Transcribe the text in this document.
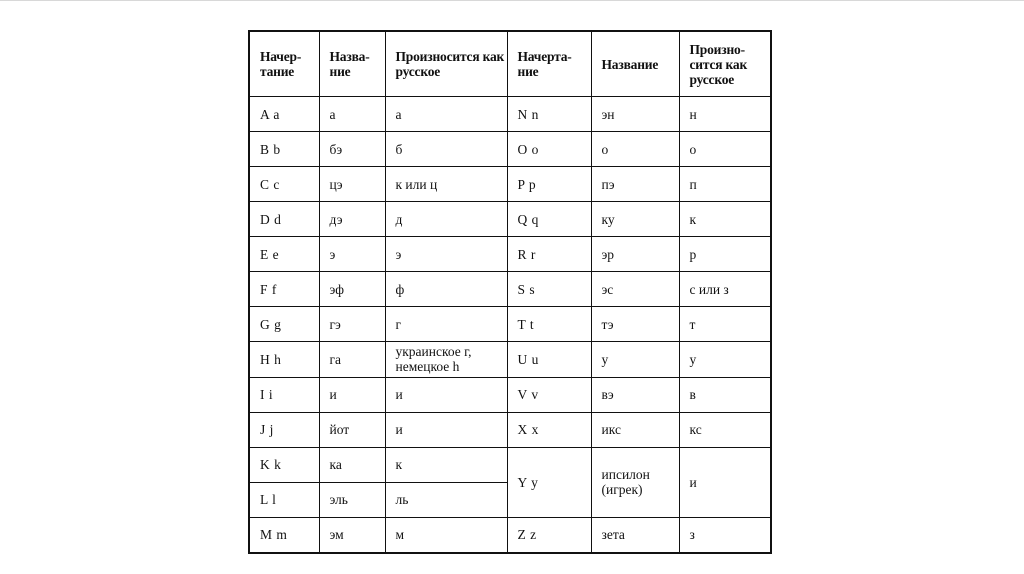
Начер-тание	Назва-ние	Произносится как русское	Начерта-ние	Название	Произно-сится как русское

A a	а	а	N n	эн	н
B b	бэ	б	O o	о	о
C c	цэ	к или ц	P p	пэ	п
D d	дэ	д	Q q	ку	к
E e	э	э	R r	эр	р
F f	эф	ф	S s	эс	с или з
G g	гэ	г	T t	тэ	т
H h	га	украинское г, немецкое h	U u	у	у
I i	и	и	V v	вэ	в
J j	йот	и	X x	икс	кс
K k	ка	к	Y y	ипсилон (игрек)	и
L l	эль	ль			
M m	эм	м	Z z	зета	з
